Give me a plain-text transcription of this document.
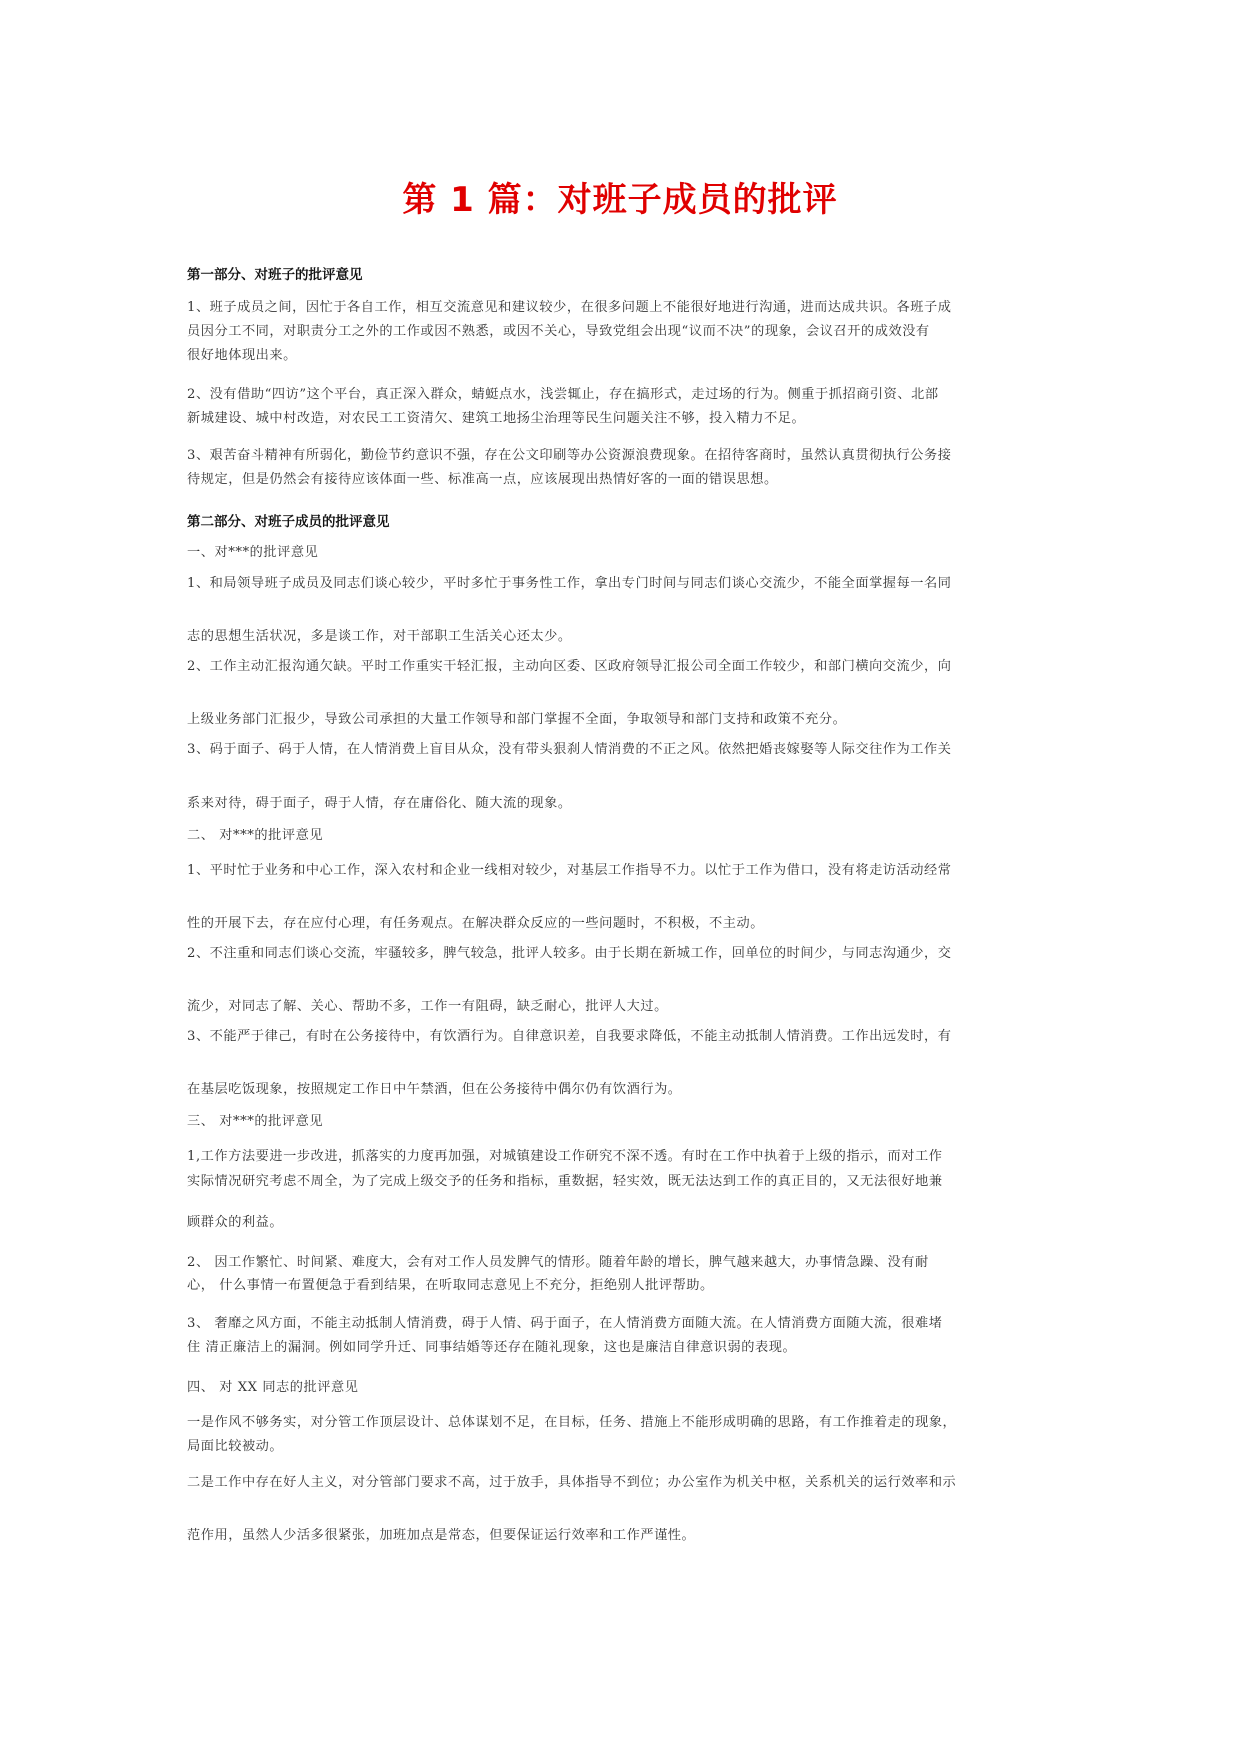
第 1 篇：对班子成员的批评
第一部分、对班子的批评意见
1、班子成员之间，因忙于各自工作，相互交流意见和建议较少，在很多问题上不能很好地进行沟通，进而达成共识。各班子成
员因分工不同，对职责分工之外的工作或因不熟悉，或因不关心，导致党组会出现“议而不决”的现象，会议召开的成效没有
很好地体现出来。
2、没有借助“四访”这个平台，真正深入群众，蜻蜓点水，浅尝辄止，存在搞形式，走过场的行为。侧重于抓招商引资、北部
新城建设、城中村改造，对农民工工资清欠、建筑工地扬尘治理等民生问题关注不够，投入精力不足。
3、艰苦奋斗精神有所弱化，勤俭节约意识不强，存在公文印刷等办公资源浪费现象。在招待客商时，虽然认真贯彻执行公务接
待规定，但是仍然会有接待应该体面一些、标准高一点，应该展现出热情好客的一面的错误思想。
第二部分、对班子成员的批评意见
一、对***的批评意见
1、和局领导班子成员及同志们谈心较少，平时多忙于事务性工作，拿出专门时间与同志们谈心交流少，不能全面掌握每一名同
志的思想生活状况，多是谈工作，对干部职工生活关心还太少。
2、工作主动汇报沟通欠缺。平时工作重实干轻汇报，主动向区委、区政府领导汇报公司全面工作较少，和部门横向交流少，向
上级业务部门汇报少，导致公司承担的大量工作领导和部门掌握不全面，争取领导和部门支持和政策不充分。
3、码于面子、码于人情，在人情消费上盲目从众，没有带头狠刹人情消费的不正之风。依然把婚丧嫁娶等人际交往作为工作关
系来对待，碍于面子，碍于人情，存在庸俗化、随大流的现象。
二、 对***的批评意见
1、平时忙于业务和中心工作，深入农村和企业一线相对较少，对基层工作指导不力。以忙于工作为借口，没有将走访活动经常
性的开展下去，存在应付心理，有任务观点。在解决群众反应的一些问题时，不积极，不主动。
2、不注重和同志们谈心交流，牢骚较多，脾气较急，批评人较多。由于长期在新城工作，回单位的时间少，与同志沟通少，交
流少，对同志了解、关心、帮助不多，工作一有阻碍，缺乏耐心，批评人大过。
3、不能严于律己，有时在公务接待中，有饮酒行为。自律意识差，自我要求降低，不能主动抵制人情消费。工作出远发时，有
在基层吃饭现象，按照规定工作日中午禁酒，但在公务接待中偶尔仍有饮酒行为。
三、 对***的批评意见
1,工作方法要进一步改进，抓落实的力度再加强，对城镇建设工作研究不深不透。有时在工作中执着于上级的指示，而对工作
实际情况研究考虑不周全，为了完成上级交予的任务和指标，重数据，轻实效，既无法达到工作的真正目的，又无法很好地兼
顾群众的利益。
2、 因工作繁忙、时间紧、难度大，会有对工作人员发脾气的情形。随着年龄的增长，脾气越来越大，办事情急躁、没有耐
心， 什么事情一布置便急于看到结果，在听取同志意见上不充分，拒绝别人批评帮助。
3、 奢靡之风方面，不能主动抵制人情消费，碍于人情、码于面子，在人情消费方面随大流。在人情消费方面随大流，很难堵
住 清正廉洁上的漏洞。例如同学升迁、同事结婚等还存在随礼现象，这也是廉洁自律意识弱的表现。
四、 对 XX 同志的批评意见
一是作风不够务实，对分管工作顶层设计、总体谋划不足，在目标，任务、措施上不能形成明确的思路，有工作推着走的现象，
局面比较被动。
二是工作中存在好人主义，对分管部门要求不高，过于放手，具体指导不到位；办公室作为机关中枢，关系机关的运行效率和示
范作用，虽然人少活多很紧张，加班加点是常态，但要保证运行效率和工作严谨性。
